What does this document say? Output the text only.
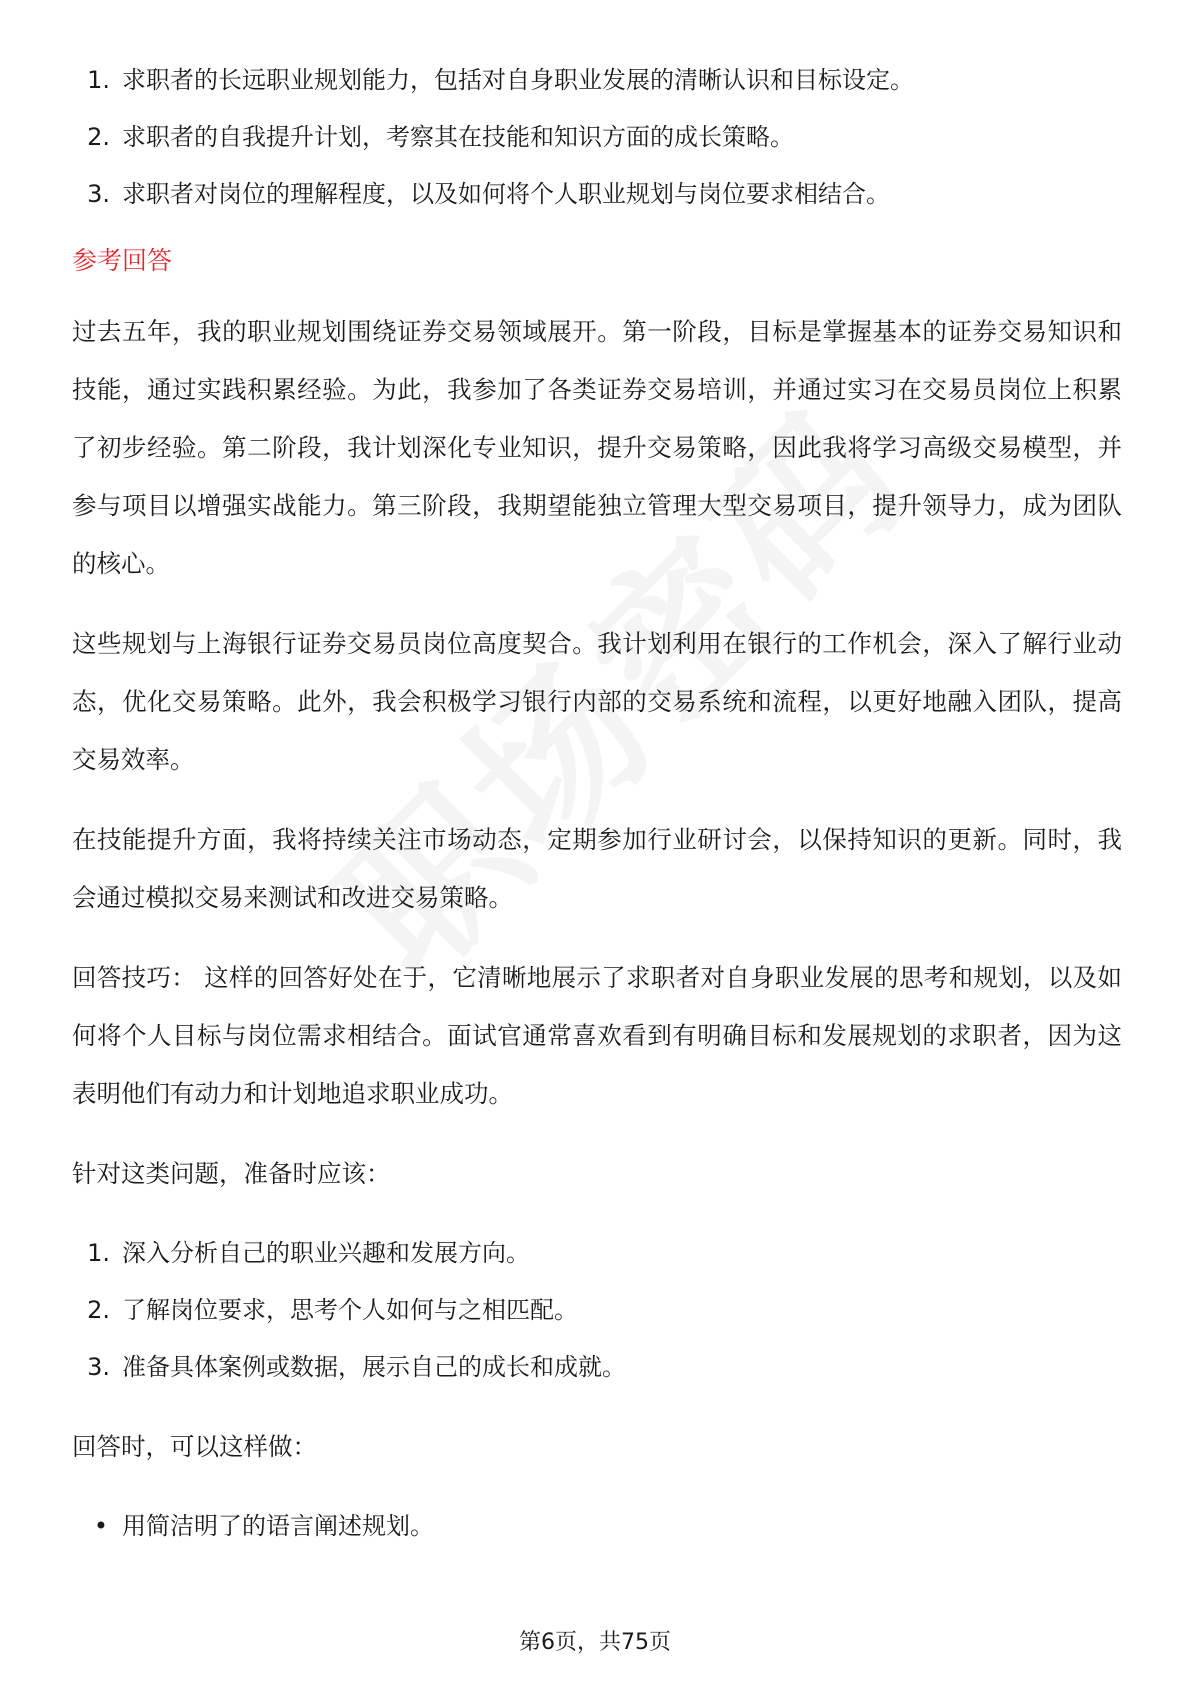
1. 求职者的长远职业规划能力，包括对自身职业发展的清晰认识和目标设定。
2. 求职者的自我提升计划，考察其在技能和知识方面的成长策略。
3. 求职者对岗位的理解程度，以及如何将个人职业规划与岗位要求相结合。
参考回答

过去五年，我的职业规划围绕证券交易领域展开。第一阶段，目标是掌握基本的证券交易知识和技能，通过实践积累经验。为此，我参加了各类证券交易培训，并通过实习在交易员岗位上积累了初步经验。第二阶段，我计划深化专业知识，提升交易策略，因此我将学习高级交易模型，并参与项目以增强实战能力。第三阶段，我期望能独立管理大型交易项目，提升领导力，成为团队的核心。

这些规划与上海银行证券交易员岗位高度契合。我计划利用在银行的工作机会，深入了解行业动态，优化交易策略。此外，我会积极学习银行内部的交易系统和流程，以更好地融入团队，提高交易效率。

在技能提升方面，我将持续关注市场动态，定期参加行业研讨会，以保持知识的更新。同时，我会通过模拟交易来测试和改进交易策略。

回答技巧： 这样的回答好处在于，它清晰地展示了求职者对自身职业发展的思考和规划，以及如何将个人目标与岗位需求相结合。面试官通常喜欢看到有明确目标和发展规划的求职者，因为这表明他们有动力和计划地追求职业成功。

针对这类问题，准备时应该：

1. 深入分析自己的职业兴趣和发展方向。
2. 了解岗位要求，思考个人如何与之相匹配。
3. 准备具体案例或数据，展示自己的成长和成就。

回答时，可以这样做：

• 用简洁明了的语言阐述规划。
第6页，共75页
